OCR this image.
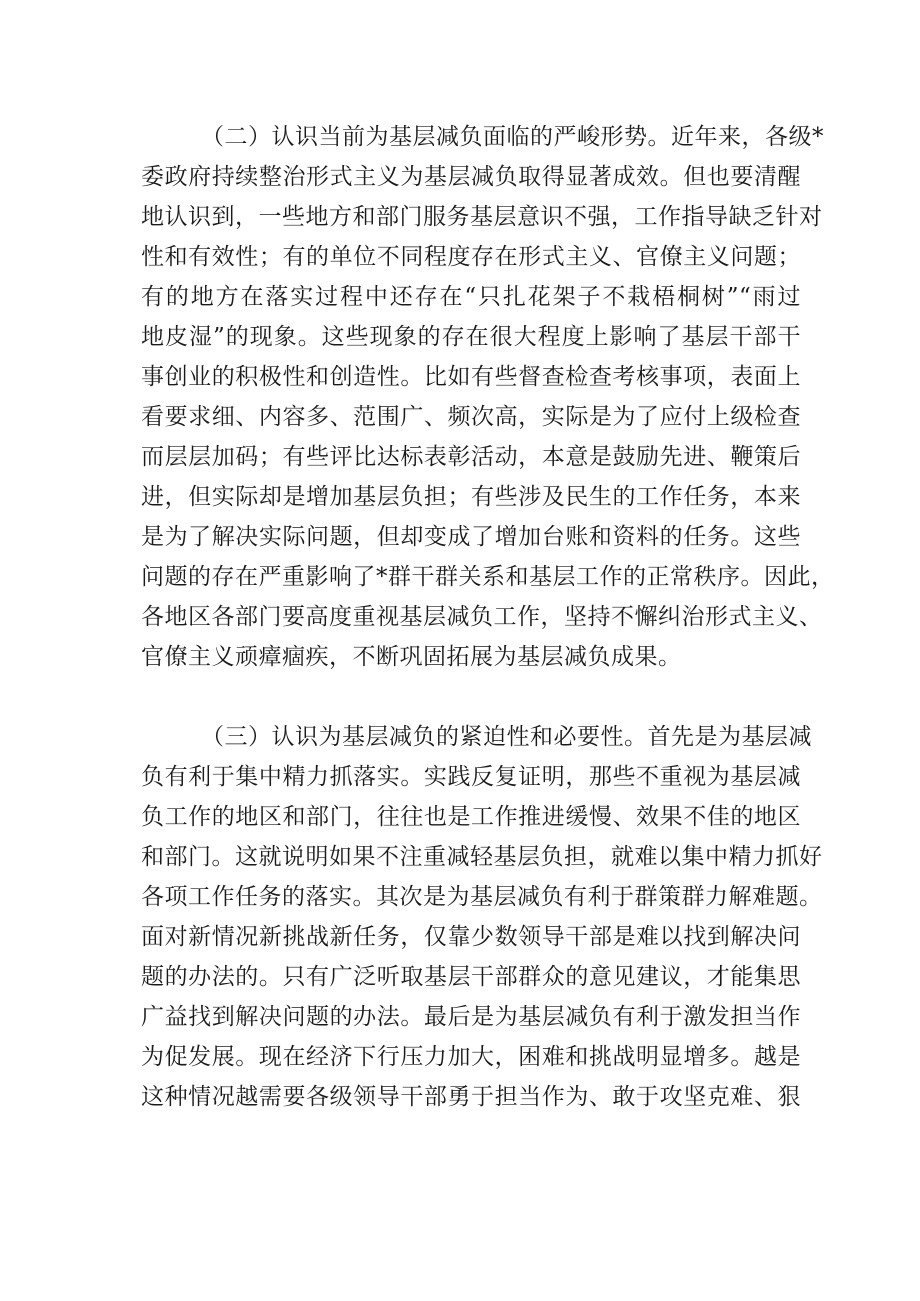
（二）认识当前为基层减负面临的严峻形势。近年来，各级*
委政府持续整治形式主义为基层减负取得显著成效。但也要清醒
地认识到，一些地方和部门服务基层意识不强，工作指导缺乏针对
性和有效性；有的单位不同程度存在形式主义、官僚主义问题；
有的地方在落实过程中还存在“只扎花架子不栽梧桐树”“雨过
地皮湿”的现象。这些现象的存在很大程度上影响了基层干部干
事创业的积极性和创造性。比如有些督查检查考核事项，表面上
看要求细、内容多、范围广、频次高，实际是为了应付上级检查
而层层加码；有些评比达标表彰活动，本意是鼓励先进、鞭策后
进，但实际却是增加基层负担；有些涉及民生的工作任务，本来
是为了解决实际问题，但却变成了增加台账和资料的任务。这些
问题的存在严重影响了*群干群关系和基层工作的正常秩序。因此，
各地区各部门要高度重视基层减负工作，坚持不懈纠治形式主义、
官僚主义顽瘴痼疾，不断巩固拓展为基层减负成果。
（三）认识为基层减负的紧迫性和必要性。首先是为基层减
负有利于集中精力抓落实。实践反复证明，那些不重视为基层减
负工作的地区和部门，往往也是工作推进缓慢、效果不佳的地区
和部门。这就说明如果不注重减轻基层负担，就难以集中精力抓好
各项工作任务的落实。其次是为基层减负有利于群策群力解难题。
面对新情况新挑战新任务，仅靠少数领导干部是难以找到解决问
题的办法的。只有广泛听取基层干部群众的意见建议，才能集思
广益找到解决问题的办法。最后是为基层减负有利于激发担当作
为促发展。现在经济下行压力加大，困难和挑战明显增多。越是
这种情况越需要各级领导干部勇于担当作为、敢于攻坚克难、狠
